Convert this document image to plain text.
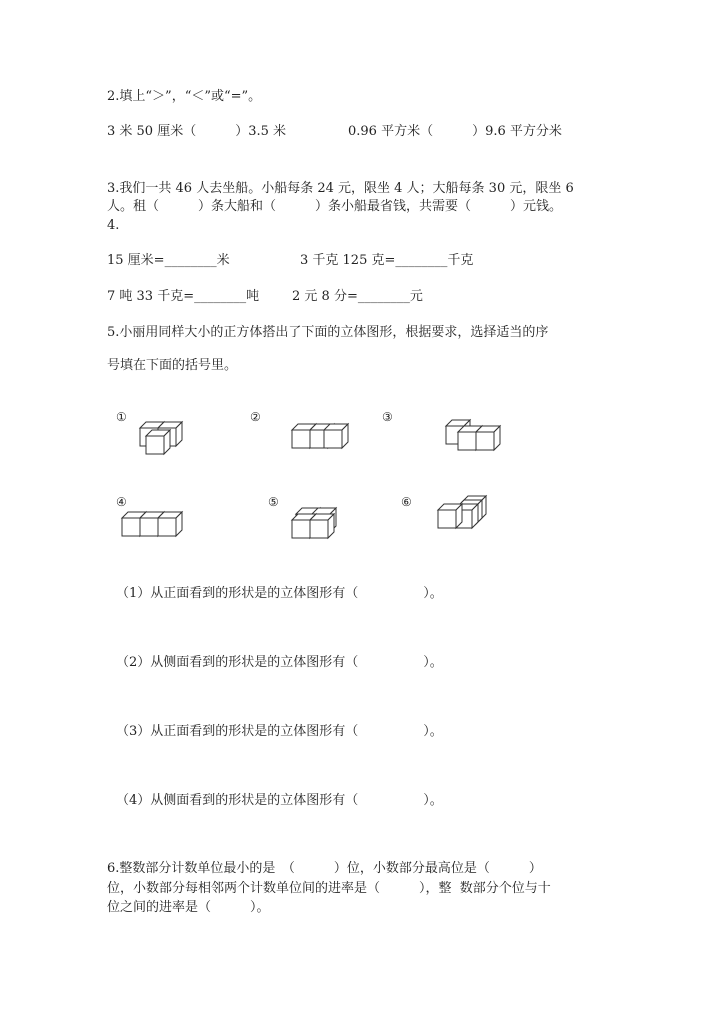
2.填上“＞”，“＜”或“=”。
3 米 50 厘米（　　　）3.5 米	0.96 平方米（　　　）9.6 平方分米
3.我们一共 46 人去坐船。小船每条 24 元，限坐 4 人；大船每条 30 元，限坐 6
人。租（　　　）条大船和（　　　）条小船最省钱，共需要（　　　）元钱。
4.
15 厘米=________米	3 千克 125 克=________千克
7 吨 33 千克=________吨	2 元 8 分=________元
5.小丽用同样大小的正方体搭出了下面的立体图形，根据要求，选择适当的序
号填在下面的括号里。
①	②	③
④	⑤	⑥
（1）从正面看到的形状是的立体图形有（　　　　　）。
（2）从侧面看到的形状是的立体图形有（　　　　　）。
（3）从正面看到的形状是的立体图形有（　　　　　）。
（4）从侧面看到的形状是的立体图形有（　　　　　）。
6.整数部分计数单位最小的是　（　　　）位，小数部分最高位是（　　　）
位，小数部分每相邻两个计数单位间的进率是（　　　），整  数部分个位与十
位之间的进率是（　　　）。
